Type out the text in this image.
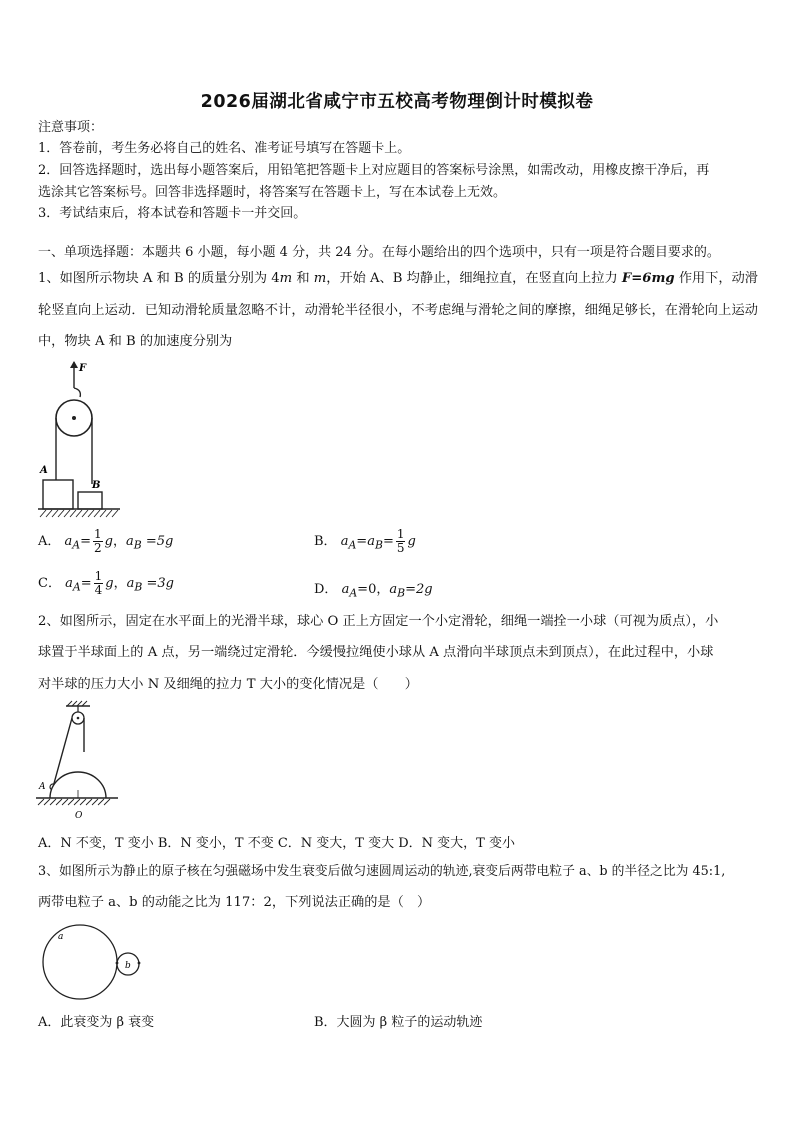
2026届湖北省咸宁市五校高考物理倒计时模拟卷
注意事项：
1．答卷前，考生务必将自己的姓名、准考证号填写在答题卡上。
2．回答选择题时，选出每小题答案后，用铅笔把答题卡上对应题目的答案标号涂黑，如需改动，用橡皮擦干净后，再
选涂其它答案标号。回答非选择题时，将答案写在答题卡上，写在本试卷上无效。
3．考试结束后，将本试卷和答题卡一并交回。
一、单项选择题：本题共 6 小题，每小题 4 分，共 24 分。在每小题给出的四个选项中，只有一项是符合题目要求的。
1、如图所示物块 A 和 B 的质量分别为 4m 和 m，开始 A、B 均静止，细绳拉直，在竖直向上拉力 F=6mg 作用下，动滑轮竖直向上运动．已知动滑轮质量忽略不计，动滑轮半径很小，不考虑绳与滑轮之间的摩擦，细绳足够长，在滑轮向上运动中，物块 A 和 B 的加速度分别为
F
A
B
A． $a_A= \frac{1}{2}$ g，$a_B =5g$	B． $a_A=a_B= \frac{1}{5}$ g
C． $a_A= \frac{1}{4}$ g，$a_B =3g$	D． $a_A=0$，$a_B=2g$
2、如图所示，固定在水平面上的光滑半球，球心 O 正上方固定一个小定滑轮，细绳一端拴一小球（可视为质点），小
球置于半球面上的 A 点，另一端绕过定滑轮．今缓慢拉绳使小球从 A 点滑向半球顶点未到顶点），在此过程中，小球
对半球的压力大小 N 及细绳的拉力 T 大小的变化情况是（　　）
A
O
A．N 不变，T 变小 B．N 变小，T 不变 C．N 变大，T 变大 D．N 变大，T 变小
3、如图所示为静止的原子核在匀强磁场中发生衰变后做匀速圆周运动的轨迹,衰变后两带电粒子 a、b 的半径之比为 45:1,
两带电粒子 a、b 的动能之比为 117：2，下列说法正确的是（　）
a
b
A．此衰变为 β 衰变	B．大圆为 β 粒子的运动轨迹
